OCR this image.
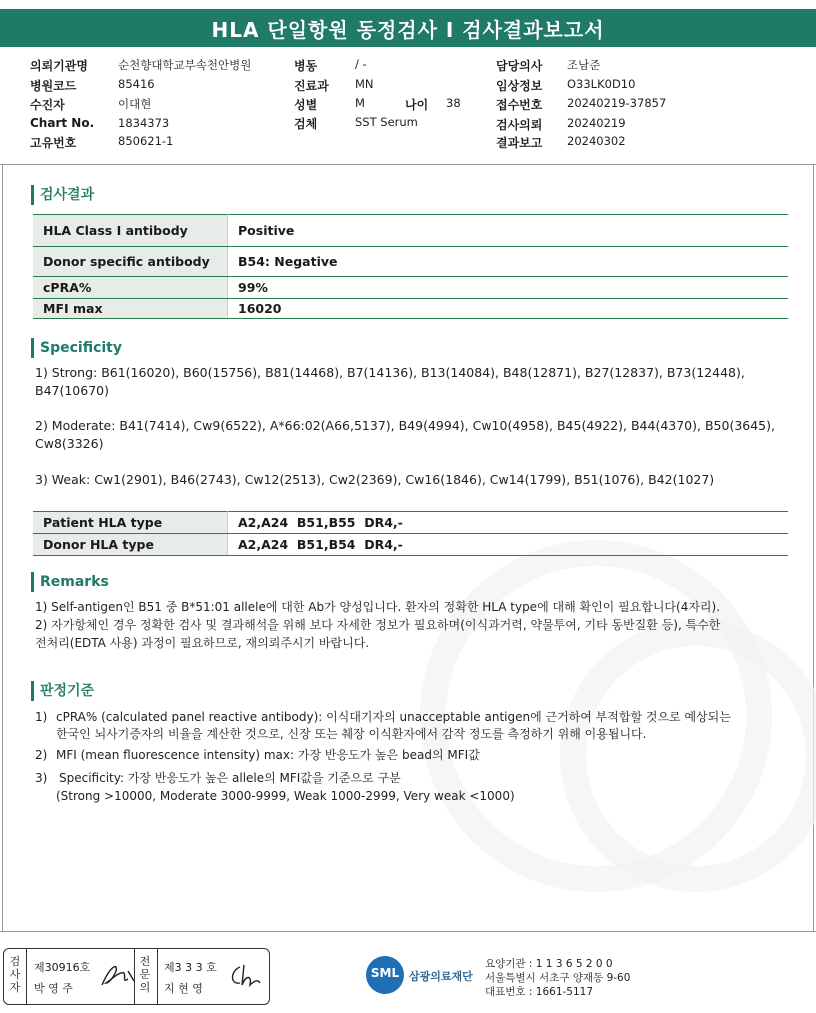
HLA 단일항원 동정검사 I 검사결과보고서
의뢰기관명	순천향대학교부속천안병원
병원코드	85416
수진자	이대현
Chart No. 1834373
고유번호	850621-1
병동	/ -
진료과 MN
성별	M	나이 38
검체	SST Serum
담당의사 조남준
임상정보 O33LK0D10
접수번호 20240219-37857
검사의뢰 20240219
결과보고 20240302
검사결과
HLA Class I antibody	Positive
Donor specific antibody	B54: Negative
cPRA%	99%
MFI max	16020
Specificity
1) Strong: B61(16020), B60(15756), B81(14468), B7(14136), B13(14084), B48(12871), B27(12837), B73(12448), B47(10670)
2) Moderate: B41(7414), Cw9(6522), A*66:02(A66,5137), B49(4994), Cw10(4958), B45(4922), B44(4370), B50(3645), Cw8(3326)
3) Weak: Cw1(2901), B46(2743), Cw12(2513), Cw2(2369), Cw16(1846), Cw14(1799), B51(1076), B42(1027)
Patient HLA type	A2,A24  B51,B55  DR4,-
Donor HLA type	A2,A24  B51,B54  DR4,-
Remarks
1) Self-antigen인 B51 중 B*51:01 allele에 대한 Ab가 양성입니다. 환자의 정확한 HLA type에 대해 확인이 필요합니다(4자리).
2) 자가항체인 경우 정확한 검사 및 결과해석을 위해 보다 자세한 정보가 필요하며(이식과거력, 약물투여, 기타 동반질환 등), 특수한 전처리(EDTA 사용) 과정이 필요하므로, 재의뢰주시기 바랍니다.
판정기준
1) cPRA% (calculated panel reactive antibody): 이식대기자의 unacceptable antigen에 근거하여 부적합할 것으로 예상되는
한국인 뇌사기증자의 비율을 계산한 것으로, 신장 또는 췌장 이식환자에서 감작 정도를 측정하기 위해 이용됩니다.
2) MFI (mean fluorescence intensity) max: 가장 반응도가 높은 bead의 MFI값
3) Specificity: 가장 반응도가 높은 allele의 MFI값을 기준으로 구분
(Strong >10000, Moderate 3000-9999, Weak 1000-2999, Very weak <1000)
검사자
제30916호
박 영 주
전문의
제3 3 3 호
지 현 영
SML 삼광의료재단
요양기관 : 1 1 3 6 5 2 0 0
서울특별시 서초구 양재동 9-60
대표번호 : 1661-5117
